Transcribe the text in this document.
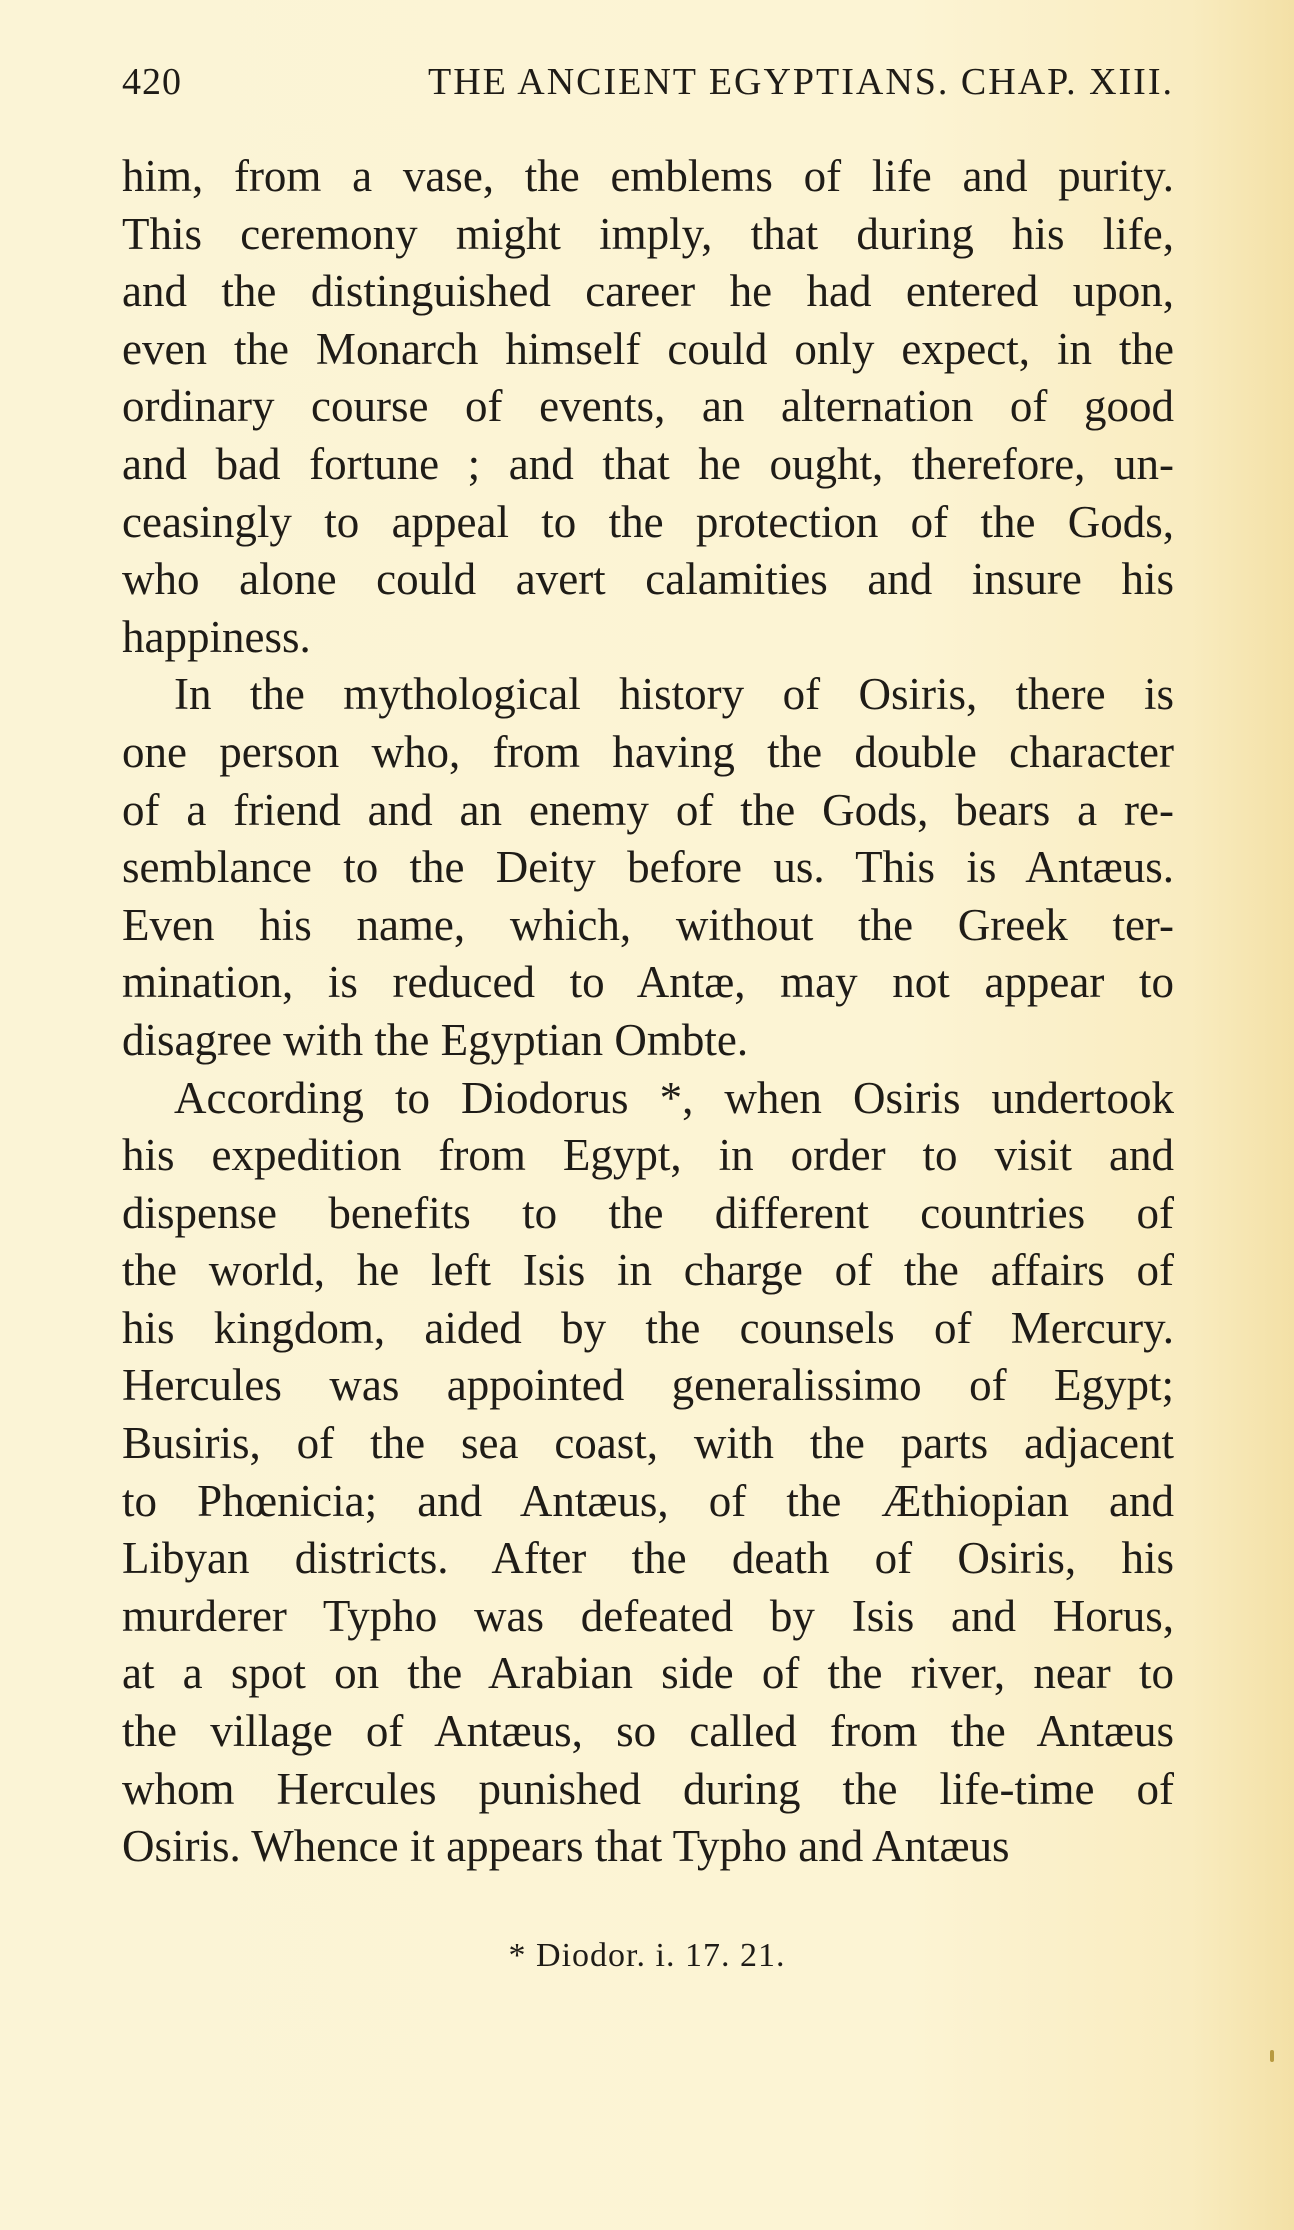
420	THE ANCIENT EGYPTIANS. CHAP. XIII.
him, from a vase, the emblems of life and purity.
This ceremony might imply, that during his life,
and the distinguished career he had entered upon,
even the Monarch himself could only expect, in the
ordinary course of events, an alternation of good
and bad fortune ; and that he ought, therefore, un-
ceasingly to appeal to the protection of the Gods,
who alone could avert calamities and insure his
happiness.
In the mythological history of Osiris, there is
one person who, from having the double character
of a friend and an enemy of the Gods, bears a re-
semblance to the Deity before us. This is Antæus.
Even his name, which, without the Greek ter-
mination, is reduced to Antæ, may not appear to
disagree with the Egyptian Ombte.
According to Diodorus *, when Osiris undertook
his expedition from Egypt, in order to visit and
dispense benefits to the different countries of
the world, he left Isis in charge of the affairs of
his kingdom, aided by the counsels of Mercury.
Hercules was appointed generalissimo of Egypt;
Busiris, of the sea coast, with the parts adjacent
to Phœnicia; and Antæus, of the Æthiopian and
Libyan districts. After the death of Osiris, his
murderer Typho was defeated by Isis and Horus,
at a spot on the Arabian side of the river, near to
the village of Antæus, so called from the Antæus
whom Hercules punished during the life-time of
Osiris. Whence it appears that Typho and Antæus
* Diodor. i. 17. 21.
